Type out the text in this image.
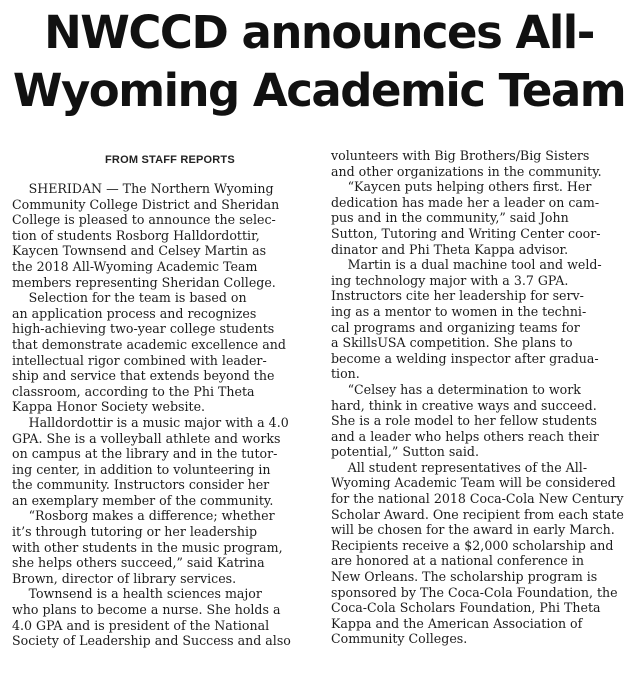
NWCCD announces All-
Wyoming Academic Team
FROM STAFF REPORTS

  SHERIDAN — The Northern Wyoming

Community College District and Sheridan

College is pleased to announce the selec-

tion of students Rosborg Halldordottir,

Kaycen Townsend and Celsey Martin as

the 2018 All-Wyoming Academic Team

members representing Sheridan College.

  Selection for the team is based on

an application process and recognizes

high-achieving two-year college students

that demonstrate academic excellence and

intellectual rigor combined with leader-

ship and service that extends beyond the

classroom, according to the Phi Theta

Kappa Honor Society website.

  Halldordottir is a music major with a 4.0

GPA. She is a volleyball athlete and works

on campus at the library and in the tutor-

ing center, in addition to volunteering in

the community. Instructors consider her

an exemplary member of the community.

  “Rosborg makes a difference; whether

it’s through tutoring or her leadership

with other students in the music program,

she helps others succeed,” said Katrina

Brown, director of library services.

  Townsend is a health sciences major

who plans to become a nurse. She holds a

4.0 GPA and is president of the National

Society of Leadership and Success and also

volunteers with Big Brothers/Big Sisters

and other organizations in the community.

  “Kaycen puts helping others first. Her

dedication has made her a leader on cam-

pus and in the community,” said John

Sutton, Tutoring and Writing Center coor-

dinator and Phi Theta Kappa advisor.

  Martin is a dual machine tool and weld-

ing technology major with a 3.7 GPA.

Instructors cite her leadership for serv-

ing as a mentor to women in the techni-

cal programs and organizing teams for

a SkillsUSA competition. She plans to

become a welding inspector after gradua-

tion.

  “Celsey has a determination to work

hard, think in creative ways and succeed.

She is a role model to her fellow students

and a leader who helps others reach their

potential,” Sutton said.

  All student representatives of the All-

Wyoming Academic Team will be considered

for the national 2018 Coca-Cola New Century

Scholar Award. One recipient from each state

will be chosen for the award in early March.

Recipients receive a $2,000 scholarship and

are honored at a national conference in

New Orleans. The scholarship program is

sponsored by The Coca-Cola Foundation, the

Coca-Cola Scholars Foundation, Phi Theta

Kappa and the American Association of

Community Colleges.
